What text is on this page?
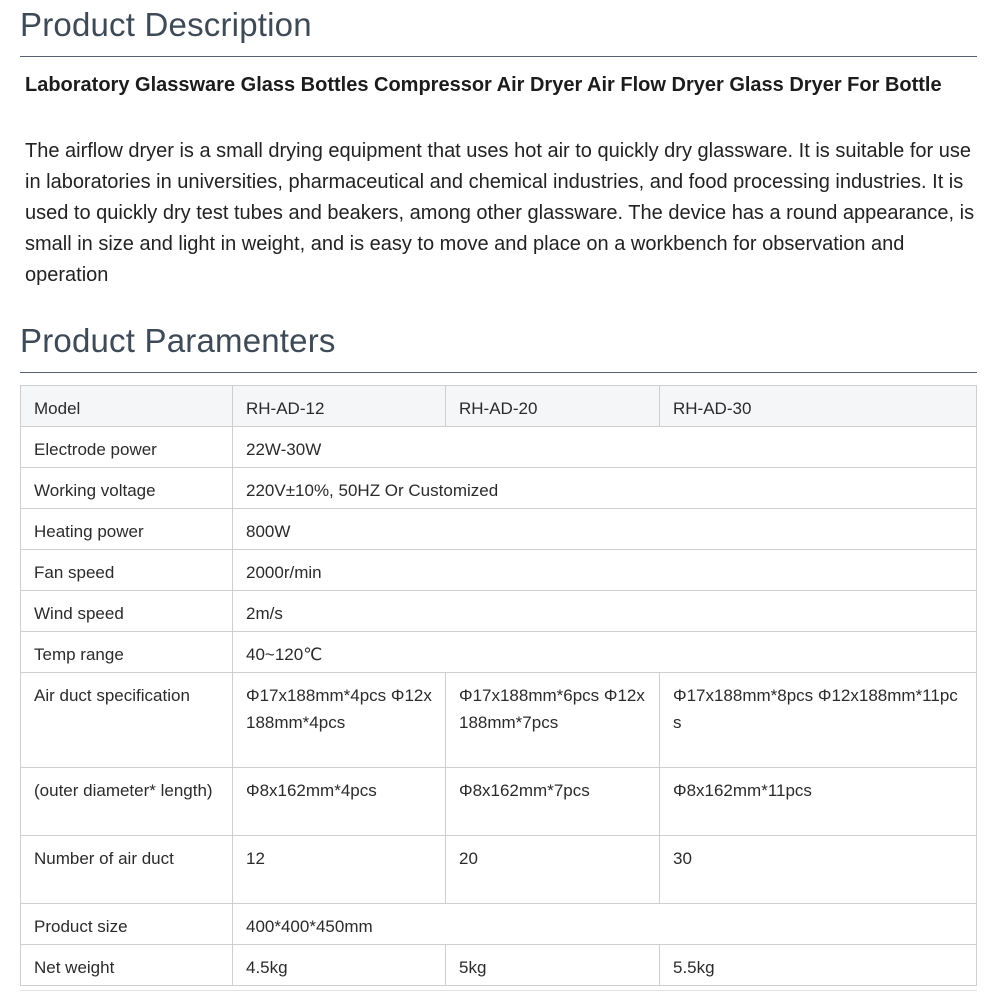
Product Description

Laboratory Glassware Glass Bottles Compressor Air Dryer Air Flow Dryer Glass Dryer For Bottle

The airflow dryer is a small drying equipment that uses hot air to quickly dry glassware. It is suitable for use in laboratories in universities, pharmaceutical and chemical industries, and food processing industries. It is used to quickly dry test tubes and beakers, among other glassware. The device has a round appearance, is small in size and light in weight, and is easy to move and place on a workbench for observation and operation

Product Paramenters
Model	RH-AD-12	RH-AD-20	RH-AD-30
Electrode power	22W-30W		
Working voltage	220V±10%, 50HZ Or Customized		
Heating power	800W		
Fan speed	2000r/min		
Wind speed	2m/s		
Temp range	40~120℃		
Air duct specification	Φ17x188mm*4pcs Φ12x188mm*4pcs	Φ17x188mm*6pcs Φ12x188mm*7pcs	Φ17x188mm*8pcs Φ12x188mm*11pcs
(outer diameter* length)	Φ8x162mm*4pcs	Φ8x162mm*7pcs	Φ8x162mm*11pcs
Number of air duct	12	20	30
Product size	400*400*450mm		
Net weight	4.5kg	5kg	5.5kg
